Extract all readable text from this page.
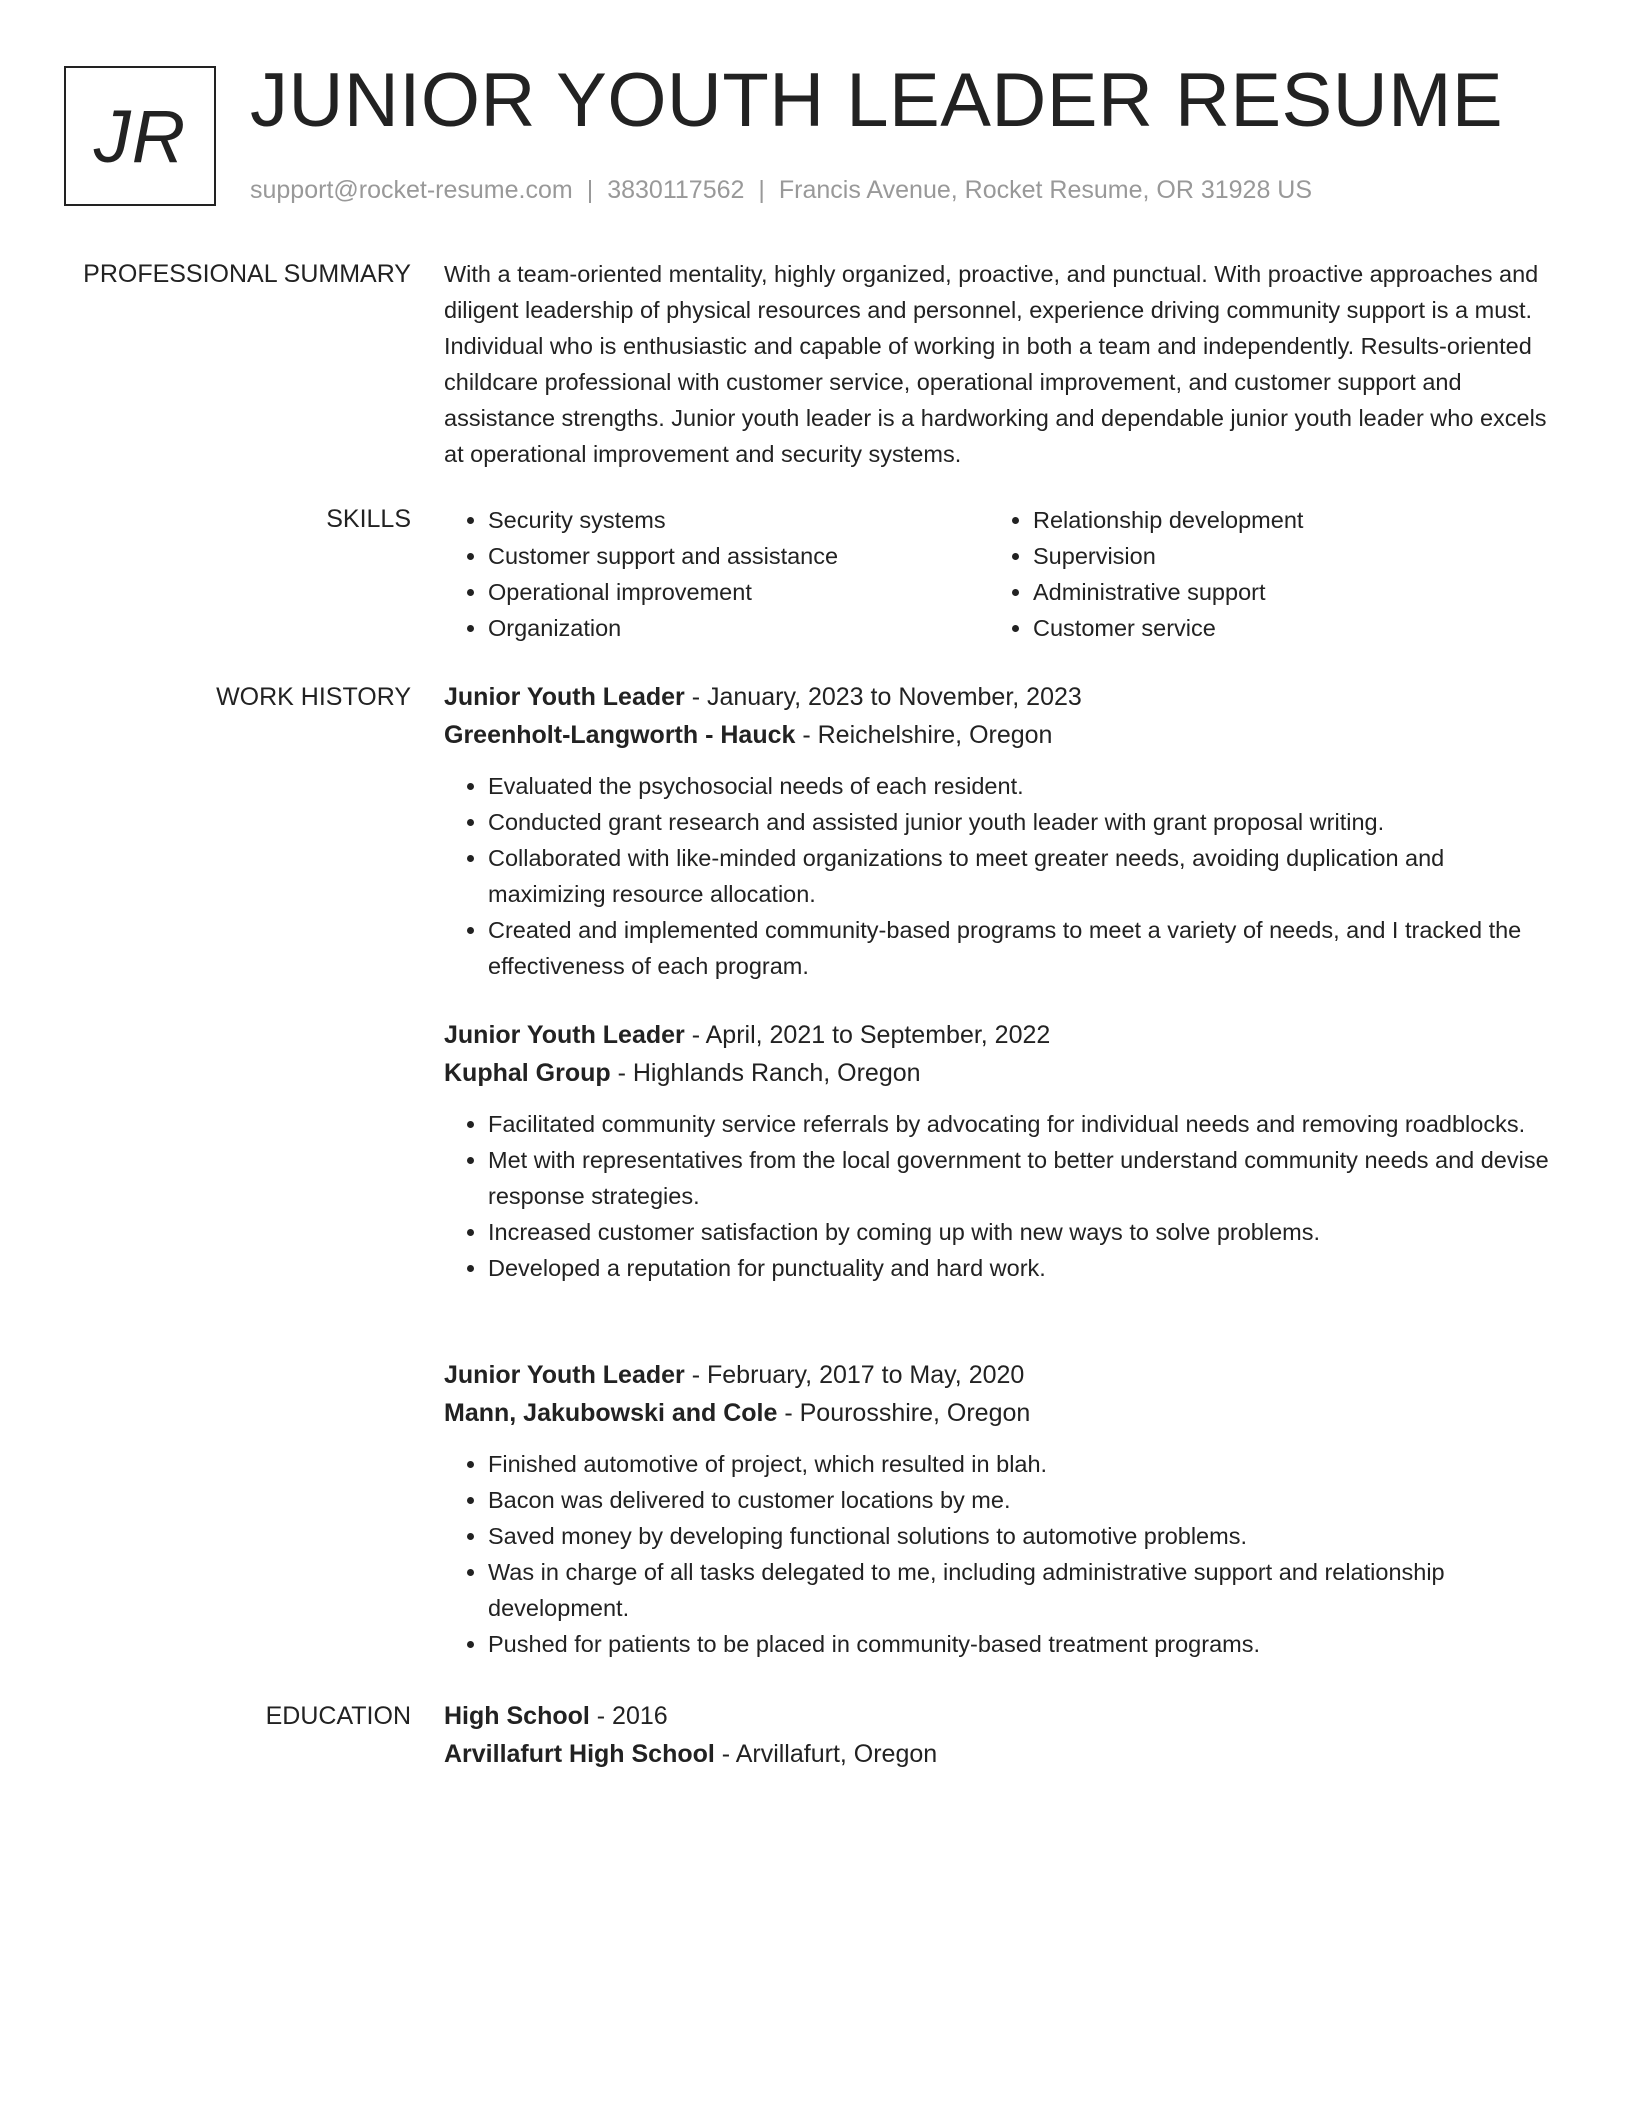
JR JUNIOR YOUTH LEADER RESUME
support@rocket-resume.com | 3830117562 | Francis Avenue, Rocket Resume, OR 31928 US
PROFESSIONAL SUMMARY With a team-oriented mentality, highly organized, proactive, and punctual. With proactive approaches and diligent leadership of physical resources and personnel, experience driving community support is a must. Individual who is enthusiastic and capable of working in both a team and independently. Results-oriented childcare professional with customer service, operational improvement, and customer support and assistance strengths. Junior youth leader is a hardworking and dependable junior youth leader who excels at operational improvement and security systems.

SKILLS
•	Security systems
• Customer support and assistance
• Operational improvement
• Organization
• Relationship development
• Supervision
• Administrative support
• Customer service
WORK HISTORY Junior Youth Leader - January, 2023 to November, 2023
Greenholt-Langworth - Hauck - Reichelshire, Oregon
• Evaluated the psychosocial needs of each resident.
• Conducted grant research and assisted junior youth leader with grant proposal writing.
• Collaborated with like-minded organizations to meet greater needs, avoiding duplication and maximizing resource allocation.
• Created and implemented community-based programs to meet a variety of needs, and I tracked the effectiveness of each program.
Junior Youth Leader - April, 2021 to September, 2022
Kuphal Group - Highlands Ranch, Oregon
• Facilitated community service referrals by advocating for individual needs and removing roadblocks.
• Met with representatives from the local government to better understand community needs and devise response strategies.
• Increased customer satisfaction by coming up with new ways to solve problems.
• Developed a reputation for punctuality and hard work.
Junior Youth Leader - February, 2017 to May, 2020
Mann, Jakubowski and Cole - Pourosshire, Oregon
• Finished automotive of project, which resulted in blah.
• Bacon was delivered to customer locations by me.
• Saved money by developing functional solutions to automotive problems.
• Was in charge of all tasks delegated to me, including administrative support and relationship development.
• Pushed for patients to be placed in community-based treatment programs.
EDUCATION High School - 2016
Arvillafurt High School - Arvillafurt, Oregon
